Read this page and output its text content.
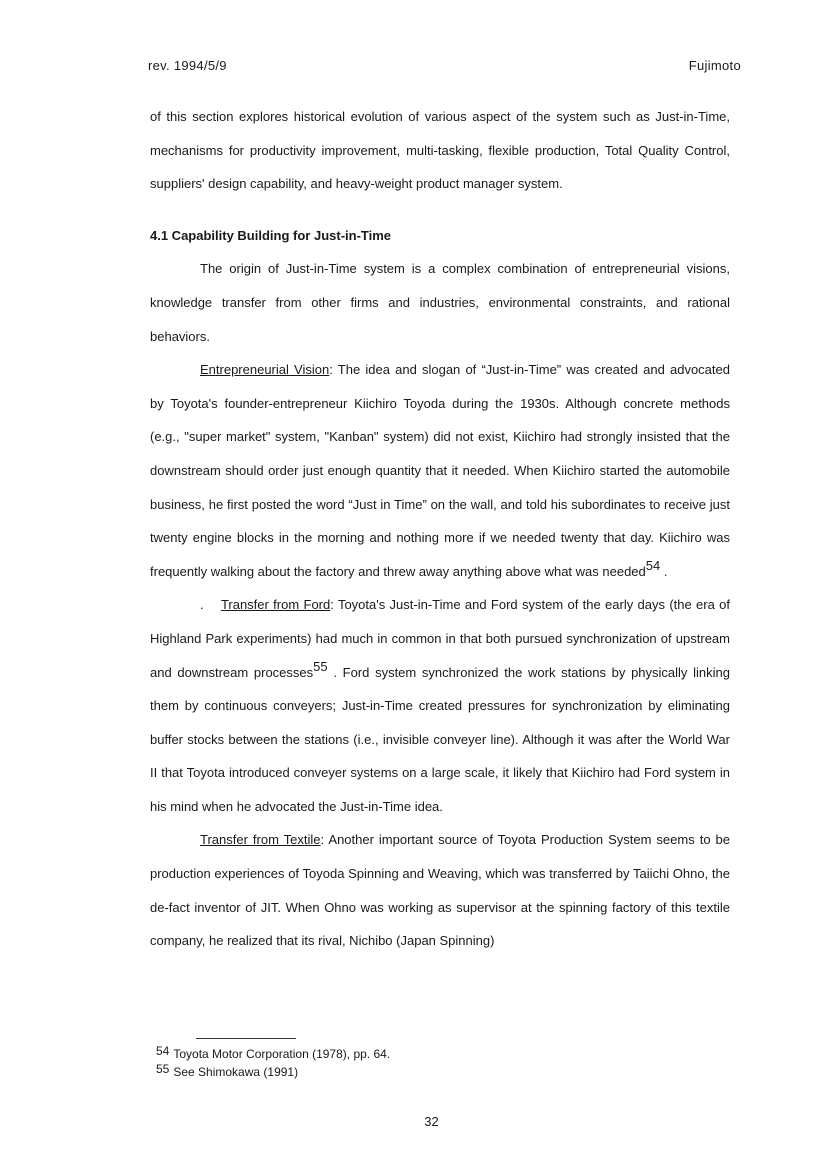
rev. 1994/5/9	Fujimoto

of this section explores historical evolution of various aspect of the system such as Just-in-Time, mechanisms for productivity improvement, multi-tasking, flexible production, Total Quality Control, suppliers' design capability, and heavy-weight product manager system.

4.1 Capability Building for Just-in-Time

The origin of Just-in-Time system is a complex combination of entrepreneurial visions, knowledge transfer from other firms and industries, environmental constraints, and rational behaviors.

Entrepreneurial Vision: The idea and slogan of “Just-in-Time” was created and advocated by Toyota's founder-entrepreneur Kiichiro Toyoda during the 1930s. Although concrete methods (e.g., "super market" system, "Kanban" system) did not exist, Kiichiro had strongly insisted that the downstream should order just enough quantity that it needed. When Kiichiro started the automobile business, he first posted the word “Just in Time” on the wall, and told his subordinates to receive just twenty engine blocks in the morning and nothing more if we needed twenty that day. Kiichiro was frequently walking about the factory and threw away anything above what was needed$^{54}$ .

. Transfer from Ford: Toyota's Just-in-Time and Ford system of the early days (the era of Highland Park experiments) had much in common in that both pursued synchronization of upstream and downstream processes$^{55}$ . Ford system synchronized the work stations by physically linking them by continuous conveyers; Just-in-Time created pressures for synchronization by eliminating buffer stocks between the stations (i.e., invisible conveyer line). Although it was after the World War II that Toyota introduced conveyer systems on a large scale, it likely that Kiichiro had Ford system in his mind when he advocated the Just-in-Time idea.

Transfer from Textile: Another important source of Toyota Production System seems to be production experiences of Toyoda Spinning and Weaving, which was transferred by Taiichi Ohno, the de-fact inventor of JIT. When Ohno was working as supervisor at the spinning factory of this textile company, he realized that its rival, Nichibo (Japan Spinning)

54 Toyota Motor Corporation (1978), pp. 64.
55 See Shimokawa (1991)
32
